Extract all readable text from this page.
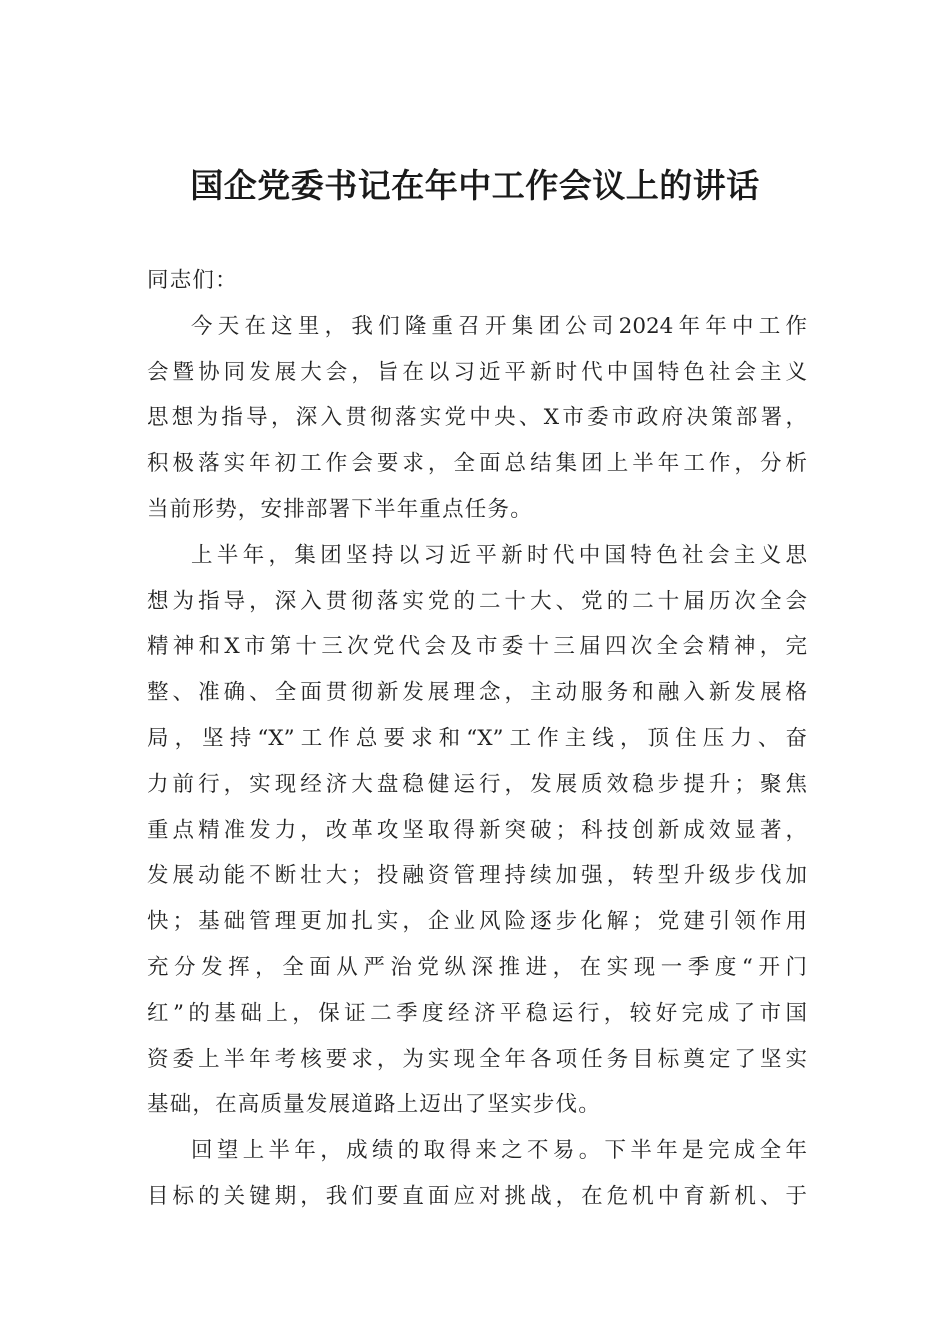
国企党委书记在年中工作会议上的讲话
同志们：
今天在这里，我们隆重召开集团公司2024年年中工作
会暨协同发展大会，旨在以习近平新时代中国特色社会主义
思想为指导，深入贯彻落实党中央、X市委市政府决策部署，
积极落实年初工作会要求，全面总结集团上半年工作，分析
当前形势，安排部署下半年重点任务。
上半年，集团坚持以习近平新时代中国特色社会主义思
想为指导，深入贯彻落实党的二十大、党的二十届历次全会
精神和X市第十三次党代会及市委十三届四次全会精神，完
整、准确、全面贯彻新发展理念，主动服务和融入新发展格
局，坚持“X”工作总要求和“X”工作主线，顶住压力、奋
力前行，实现经济大盘稳健运行，发展质效稳步提升；聚焦
重点精准发力，改革攻坚取得新突破；科技创新成效显著，
发展动能不断壮大；投融资管理持续加强，转型升级步伐加
快；基础管理更加扎实，企业风险逐步化解；党建引领作用
充分发挥，全面从严治党纵深推进，在实现一季度“开门
红”的基础上，保证二季度经济平稳运行，较好完成了市国
资委上半年考核要求，为实现全年各项任务目标奠定了坚实
基础，在高质量发展道路上迈出了坚实步伐。
回望上半年，成绩的取得来之不易。下半年是完成全年
目标的关键期，我们要直面应对挑战，在危机中育新机、于
